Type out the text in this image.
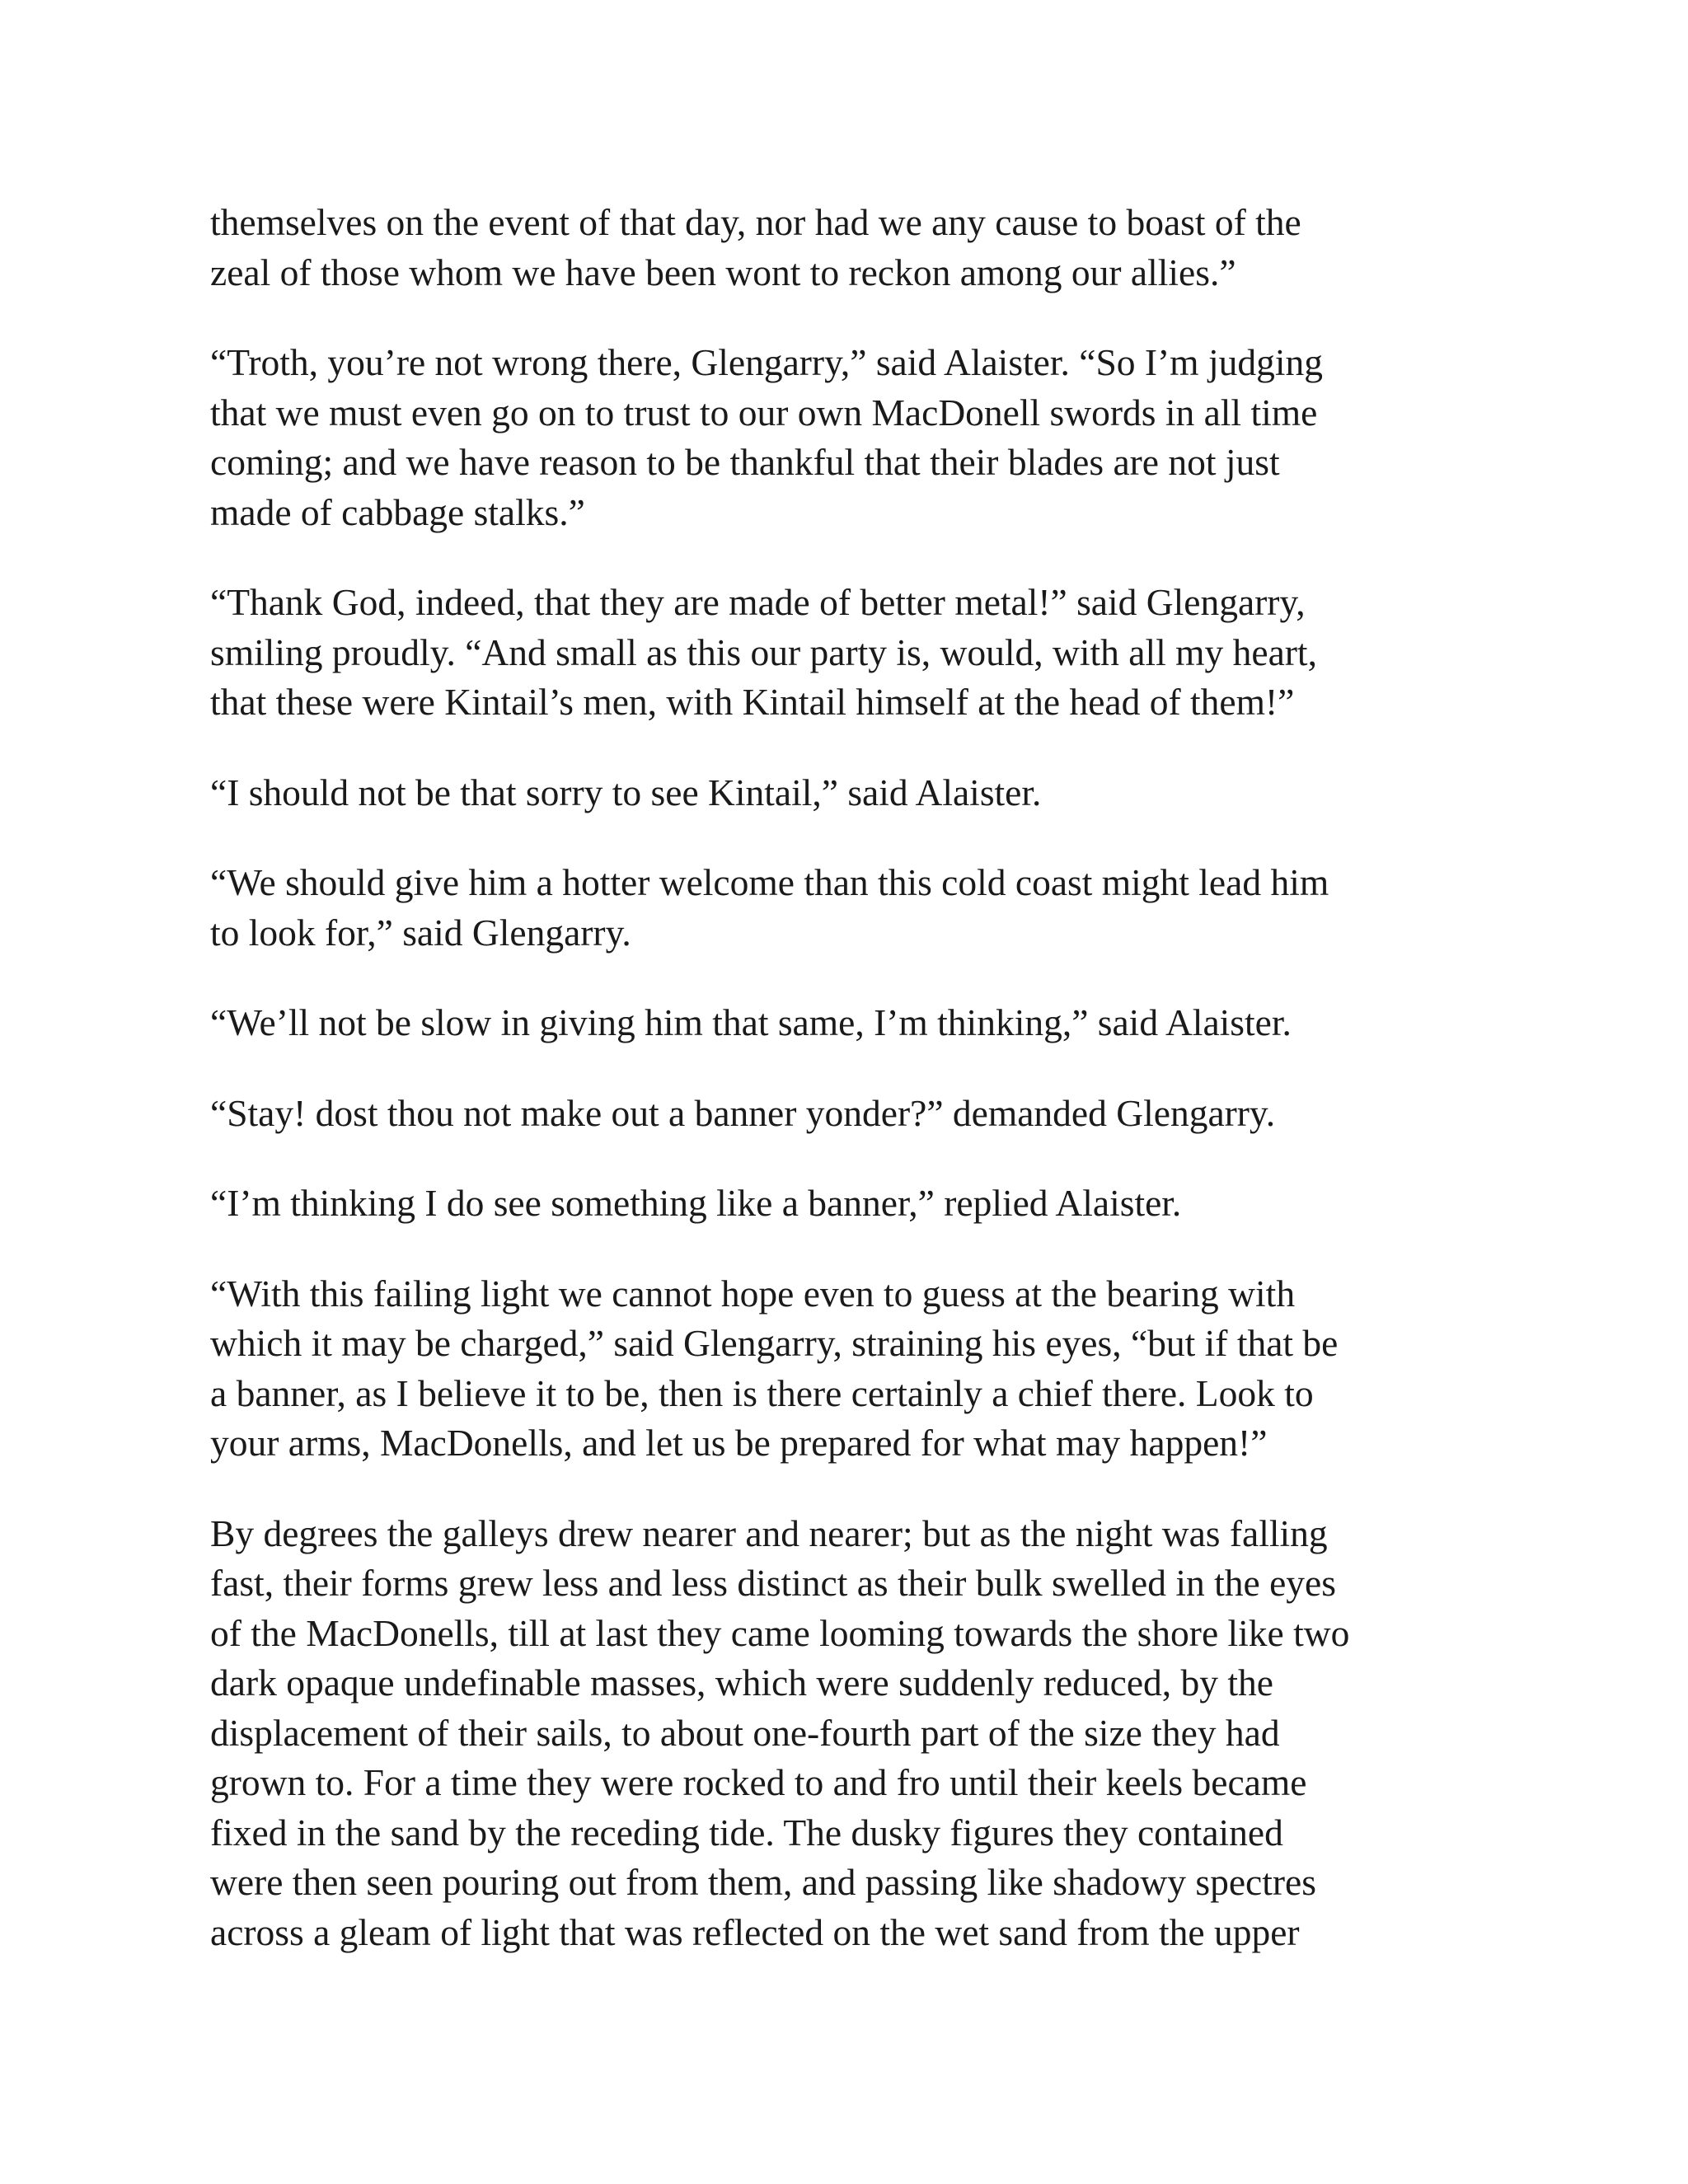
themselves on the event of that day, nor had we any cause to boast of the
zeal of those whom we have been wont to reckon among our allies.”

“Troth, you’re not wrong there, Glengarry,” said Alaister. “So I’m judging
that we must even go on to trust to our own MacDonell swords in all time
coming; and we have reason to be thankful that their blades are not just
made of cabbage stalks.”

“Thank God, indeed, that they are made of better metal!” said Glengarry,
smiling proudly. “And small as this our party is, would, with all my heart,
that these were Kintail’s men, with Kintail himself at the head of them!”

“I should not be that sorry to see Kintail,” said Alaister.

“We should give him a hotter welcome than this cold coast might lead him
to look for,” said Glengarry.

“We’ll not be slow in giving him that same, I’m thinking,” said Alaister.

“Stay! dost thou not make out a banner yonder?” demanded Glengarry.

“I’m thinking I do see something like a banner,” replied Alaister.

“With this failing light we cannot hope even to guess at the bearing with
which it may be charged,” said Glengarry, straining his eyes, “but if that be
a banner, as I believe it to be, then is there certainly a chief there. Look to
your arms, MacDonells, and let us be prepared for what may happen!”

By degrees the galleys drew nearer and nearer; but as the night was falling
fast, their forms grew less and less distinct as their bulk swelled in the eyes
of the MacDonells, till at last they came looming towards the shore like two
dark opaque undefinable masses, which were suddenly reduced, by the
displacement of their sails, to about one-fourth part of the size they had
grown to. For a time they were rocked to and fro until their keels became
fixed in the sand by the receding tide. The dusky figures they contained
were then seen pouring out from them, and passing like shadowy spectres
across a gleam of light that was reflected on the wet sand from the upper
